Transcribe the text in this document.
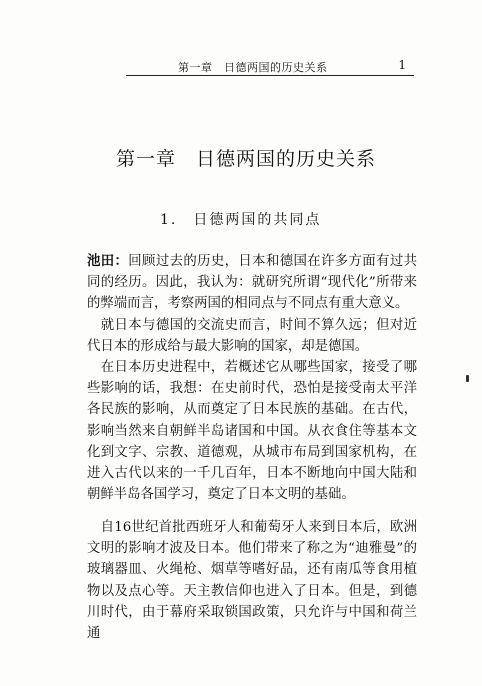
第一章　日德两国的历史关系	1
第一章　日德两国的历史关系
1.　日德两国的共同点

池田：回顾过去的历史，日本和德国在许多方面有过共同的经历。因此，我认为：就研究所谓“现代化”所带来的弊端而言，考察两国的相同点与不同点有重大意义。

　就日本与德国的交流史而言，时间不算久远；但对近代日本的形成给与最大影响的国家，却是德国。

　在日本历史进程中，若概述它从哪些国家，接受了哪些影响的话，我想：在史前时代，恐怕是接受南太平洋各民族的影响，从而奠定了日本民族的基础。在古代，影响当然来自朝鲜半岛诸国和中国。从衣食住等基本文化到文字、宗教、道德观，从城市布局到国家机构，在进入古代以来的一千几百年，日本不断地向中国大陆和朝鲜半岛各国学习，奠定了日本文明的基础。

　自16世纪首批西班牙人和葡萄牙人来到日本后，欧洲文明的影响才波及日本。他们带来了称之为“迪雅曼”的玻璃器皿、火绳枪、烟草等嗜好品，还有南瓜等食用植物以及点心等。天主教信仰也进入了日本。但是，到德川时代，由于幕府采取锁国政策，只允许与中国和荷兰通
